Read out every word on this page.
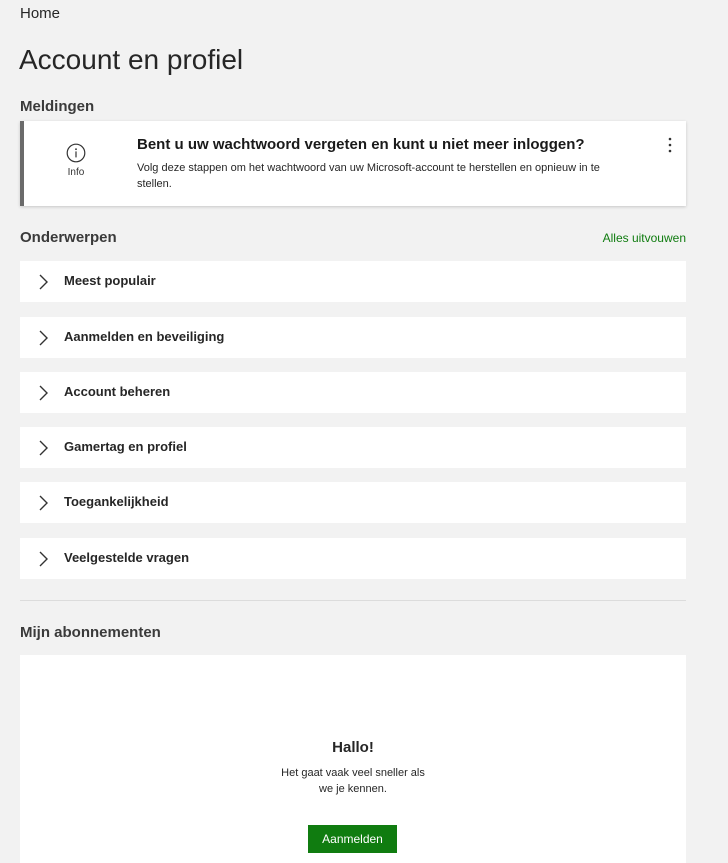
Home
Account en profiel
Meldingen
Info
Bent u uw wachtwoord vergeten en kunt u niet meer inloggen?
Volg deze stappen om het wachtwoord van uw Microsoft-account te herstellen en opnieuw in te stellen.
Onderwerpen	Alles uitvouwen
Meest populair
Aanmelden en beveiliging
Account beheren
Gamertag en profiel
Toegankelijkheid
Veelgestelde vragen
Mijn abonnementen
Hallo!
Het gaat vaak veel sneller als we je kennen.
Aanmelden
